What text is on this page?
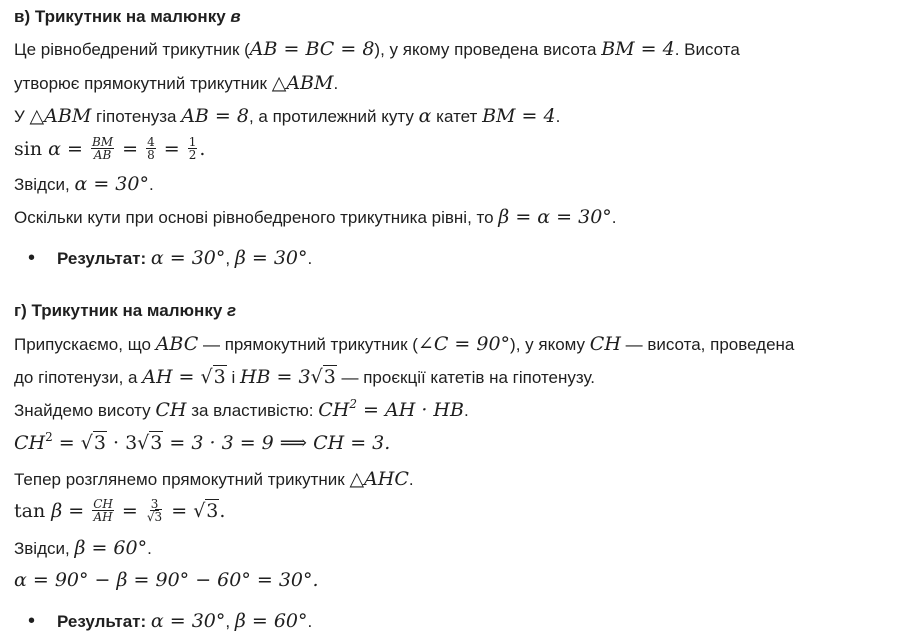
в) Трикутник на малюнку в
Це рівнобедрений трикутник (AB = BC = 8), у якому проведена висота BM = 4. Висота
утворює прямокутний трикутник △ABM.
У △ABM гіпотенуза AB = 8, а протилежний куту α катет BM = 4.
$\sin \alpha = \frac{BM}{AB} = \frac{4}{8} = \frac{1}{2}$ .
Звідси, α = 30°.
Оскільки кути при основі рівнобедреного трикутника рівні, то β = α = 30°.
• Результат: α = 30°, β = 30°.
г) Трикутник на малюнку г
Припускаємо, що ABC — прямокутний трикутник (∠C = 90°), у якому CH — висота, проведена
до гіпотенузи, а AH = √3 і HB = 3√3 — проєкції катетів на гіпотенузу.
Знайдемо висоту CH за властивістю: $CH^2$ = AH · HB.
$CH^2 = √3 \cdot 3√3 = 3 \cdot 3 = 9$ ⟹ CH = 3.
Тепер розглянемо прямокутний трикутник △AHC.
$\tan \beta = \frac{CH}{AH} = \frac{3}{√3} = √3$.
Звідси, β = 60°.
α = 90° − β = 90° − 60° = 30°.
• Результат: α = 30°, β = 60°.
